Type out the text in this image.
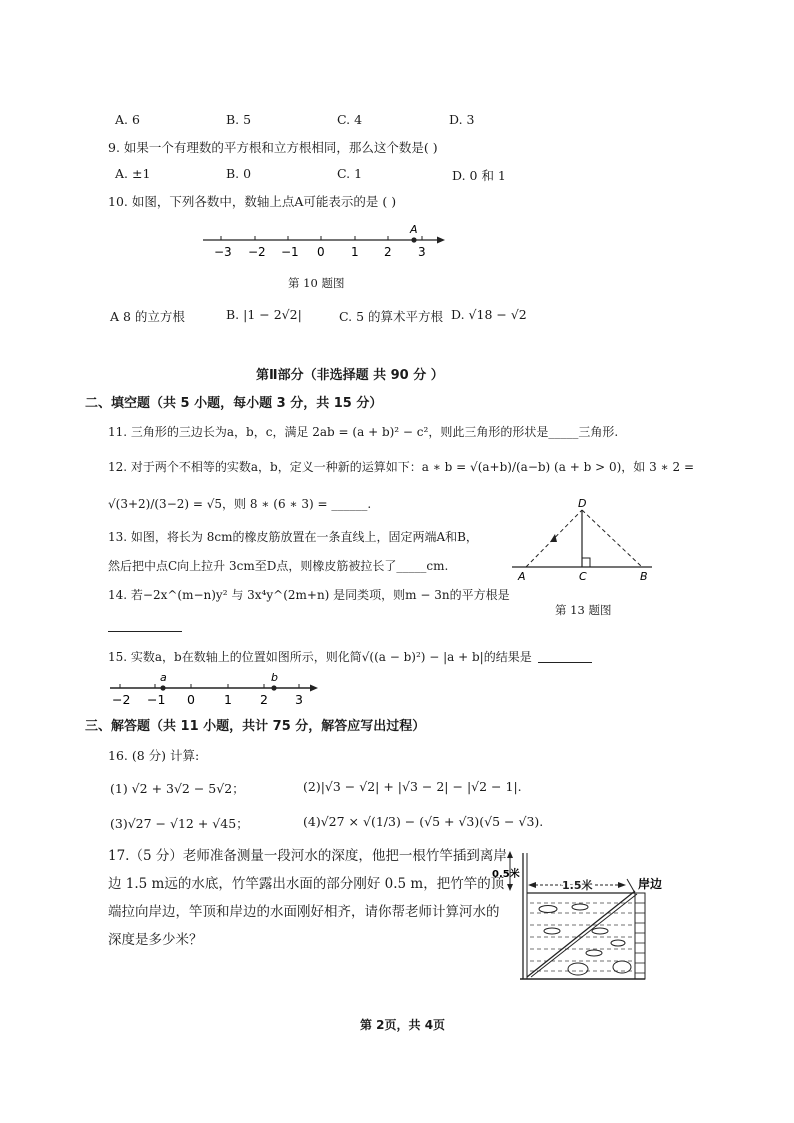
A. 6	B. 5	C. 4	D. 3
9. 如果一个有理数的平方根和立方根相同，那么这个数是( )
A. ±1	B. 0	C. 1	D. 0 和 1
10. 如图，下列各数中，数轴上点A可能表示的是 ( )
A
−3 −2 −1 0 1 2 3
第 10 题图
A 8 的立方根	B. |1 − 2√2|	C. 5 的算术平方根 D. √18 − √2
第Ⅱ部分（非选择题 共 90 分 ）
二、填空题（共 5 小题，每小题 3 分，共 15 分）
11. 三角形的三边长为a，b，c，满足 2ab = (a + b)² − c²，则此三角形的形状是_____三角形.
12. 对于两个不相等的实数a，b，定义一种新的运算如下：a ∗ b = √(a+b)/(a−b) (a + b > 0)，如 3 ∗ 2 =
√(3+2)/(3−2) = √5，则 8 ∗ (6 ∗ 3) = ______.
13. 如图，将长为 8cm的橡皮筋放置在一条直线上，固定两端A和B，
然后把中点C向上拉升 3cm至D点，则橡皮筋被拉长了_____cm.
D
A	C	B
第 13 题图
14. 若−2x^(m−n)y² 与 3x⁴y^(2m+n) 是同类项，则m − 3n的平方根是
15. 实数a，b在数轴上的位置如图所示，则化简√((a − b)²) − |a + b|的结果是
a	b
−2 −1 0 1 2 3
三、解答题（共 11 小题，共计 75 分，解答应写出过程）
16. (8 分) 计算:
(1) √2 + 3√2 − 5√2；	(2)|√3 − √2| + |√3 − 2| − |√2 − 1|.
(3)√27 − √12 + √45；	(4)√27 × √(1/3) − (√5 + √3)(√5 − √3).
17.（5 分）老师准备测量一段河水的深度，他把一根竹竿插到离岸边 1.5 m远的水底，竹竿露出水面的部分刚好 0.5 m，把竹竿的顶端拉向岸边，竿顶和岸边的水面刚好相齐，请你帮老师计算河水的深度是多少米？
0.5米
1.5米	岸边
第 2页，共 4页
